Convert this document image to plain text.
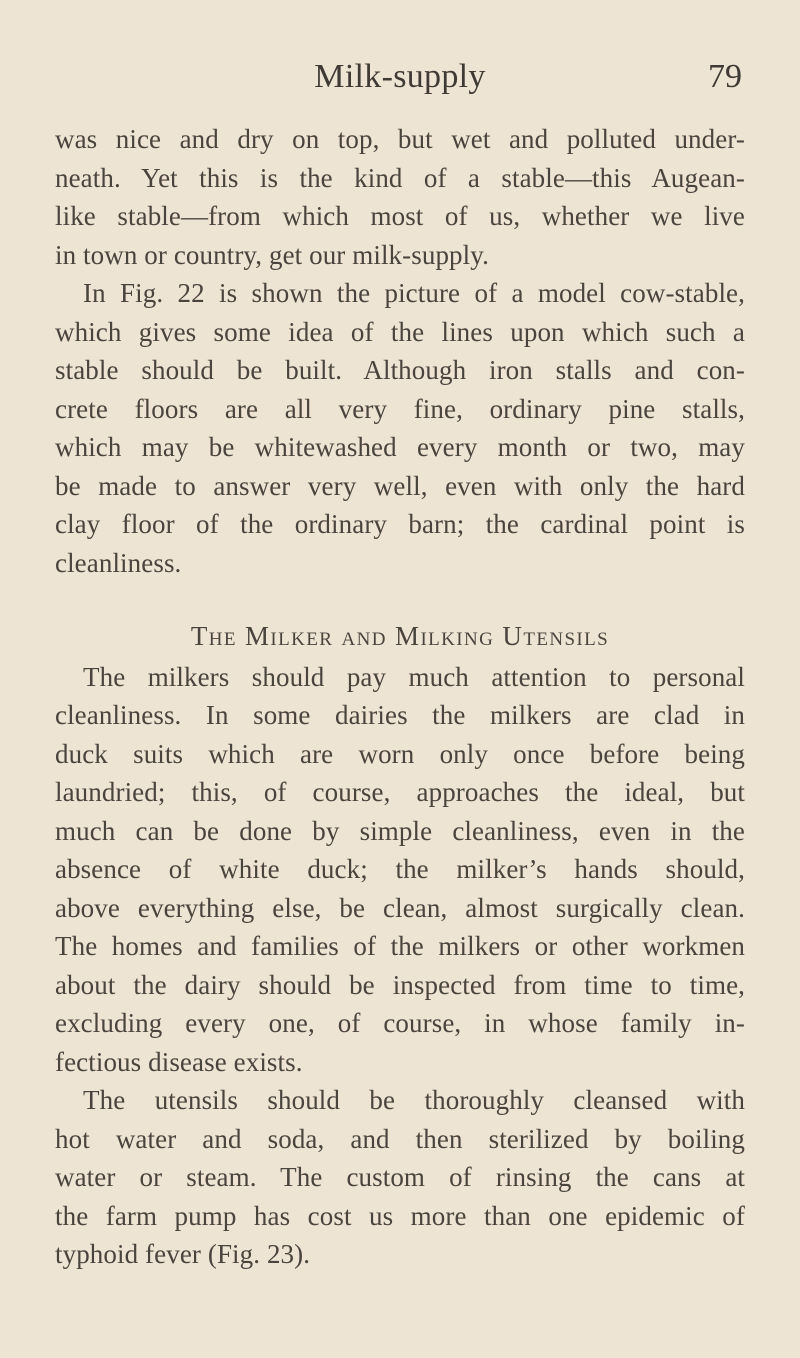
Milk-supply	79
was nice and dry on top, but wet and polluted under-
neath. Yet this is the kind of a stable—this Augean-
like stable—from which most of us, whether we live
in town or country, get our milk-supply.
In Fig. 22 is shown the picture of a model cow-stable,
which gives some idea of the lines upon which such a
stable should be built. Although iron stalls and con-
crete floors are all very fine, ordinary pine stalls,
which may be whitewashed every month or two, may
be made to answer very well, even with only the hard
clay floor of the ordinary barn; the cardinal point is
cleanliness.
The Milker and Milking Utensils
The milkers should pay much attention to personal
cleanliness. In some dairies the milkers are clad in
duck suits which are worn only once before being
laundried; this, of course, approaches the ideal, but
much can be done by simple cleanliness, even in the
absence of white duck; the milker’s hands should,
above everything else, be clean, almost surgically clean.
The homes and families of the milkers or other workmen
about the dairy should be inspected from time to time,
excluding every one, of course, in whose family in-
fectious disease exists.
The utensils should be thoroughly cleansed with
hot water and soda, and then sterilized by boiling
water or steam. The custom of rinsing the cans at
the farm pump has cost us more than one epidemic of
typhoid fever (Fig. 23).
